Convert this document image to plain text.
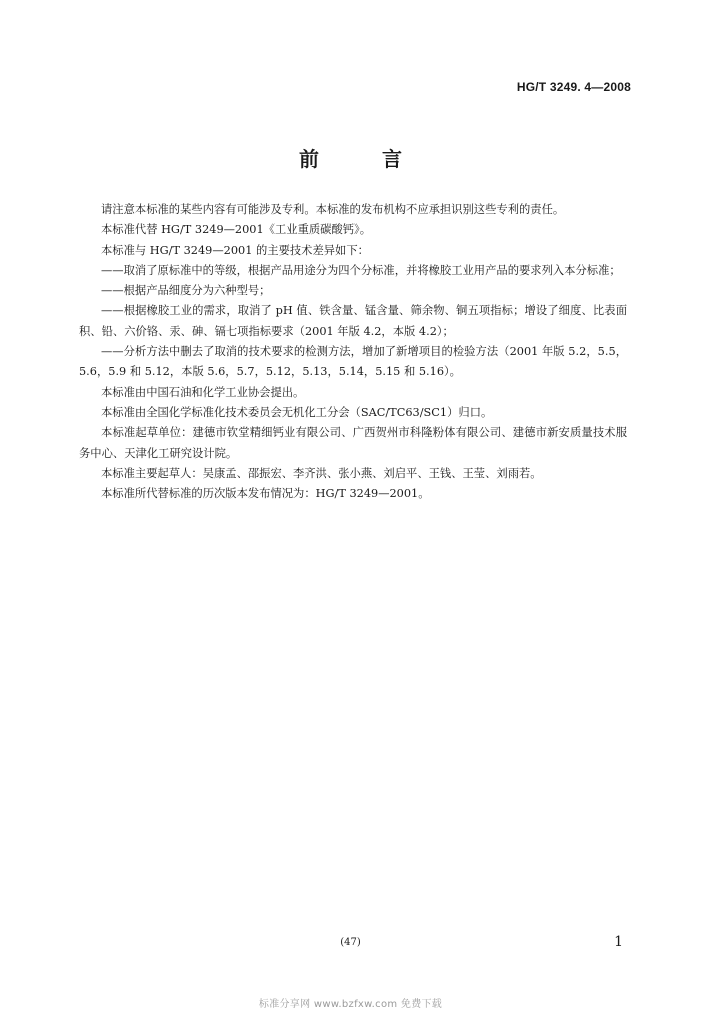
HG/T 3249. 4—2008
前 言

请注意本标准的某些内容有可能涉及专利。本标准的发布机构不应承担识别这些专利的责任。

本标准代替 HG/T 3249—2001《工业重质碳酸钙》。

本标准与 HG/T 3249—2001 的主要技术差异如下：

——取消了原标准中的等级，根据产品用途分为四个分标准，并将橡胶工业用产品的要求列入本分标准；

——根据产品细度分为六种型号；

——根据橡胶工业的需求，取消了 pH 值、铁含量、锰含量、筛余物、铜五项指标；增设了细度、比表面积、铅、六价铬、汞、砷、镉七项指标要求（2001 年版 4.2，本版 4.2）；

——分析方法中删去了取消的技术要求的检测方法，增加了新增项目的检验方法（2001 年版 5.2，5.5，5.6，5.9 和 5.12，本版 5.6，5.7，5.12，5.13，5.14，5.15 和 5.16）。

本标准由中国石油和化学工业协会提出。

本标准由全国化学标准化技术委员会无机化工分会（SAC/TC63/SC1）归口。

本标准起草单位：建德市钦堂精细钙业有限公司、广西贺州市科隆粉体有限公司、建德市新安质量技术服务中心、天津化工研究设计院。

本标准主要起草人：吴康孟、邵振宏、李齐洪、张小燕、刘启平、王钱、王莹、刘雨若。

本标准所代替标准的历次版本发布情况为：HG/T 3249—2001。

(47)	1
标准分享网 www.bzfxw.com 免费下载
